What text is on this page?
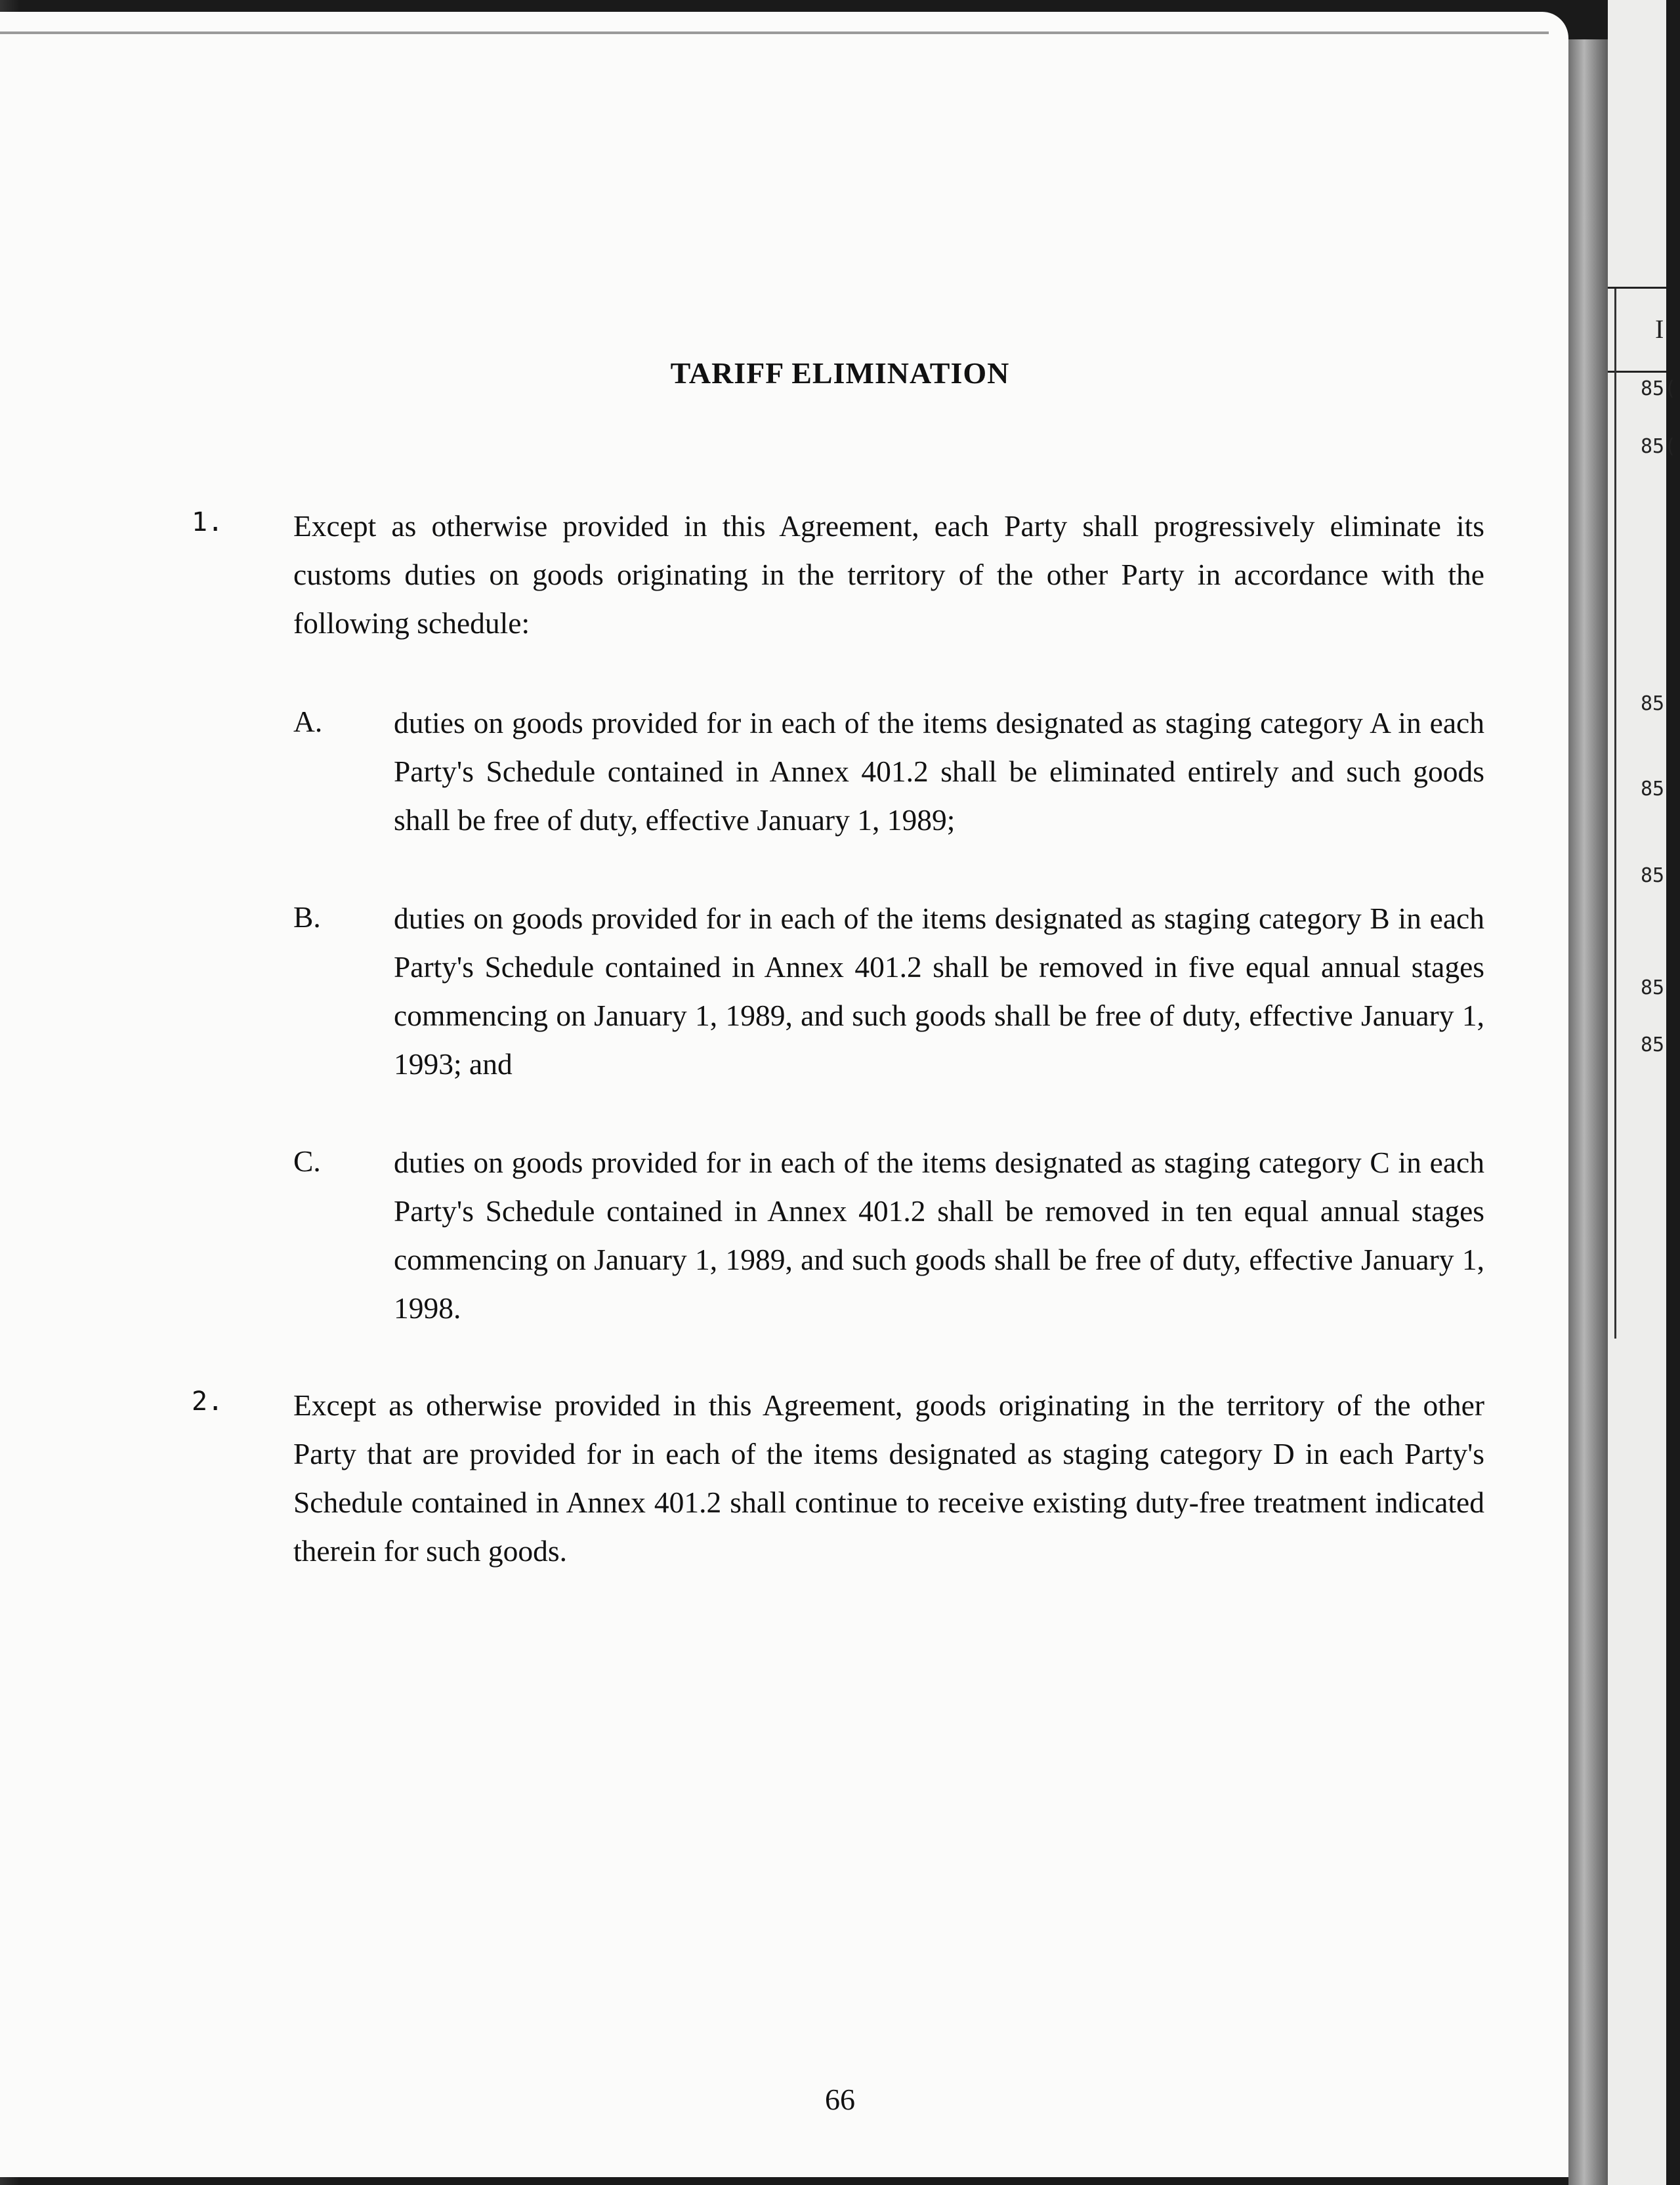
TARIFF ELIMINATION
1. Except as otherwise provided in this Agreement, each Party shall progressively eliminate its customs duties on goods originating in the territory of the other Party in accordance with the following schedule:
A. duties on goods provided for in each of the items designated as staging category A in each Party's Schedule contained in Annex 401.2 shall be eliminated entirely and such goods shall be free of duty, effective January 1, 1989;
B. duties on goods provided for in each of the items designated as staging category B in each Party's Schedule contained in Annex 401.2 shall be removed in five equal annual stages commencing on January 1, 1989, and such goods shall be free of duty, effective January 1, 1993; and
C. duties on goods provided for in each of the items designated as staging category C in each Party's Schedule contained in Annex 401.2 shall be removed in ten equal annual stages commencing on January 1, 1989, and such goods shall be free of duty, effective January 1, 1998.
2. Except as otherwise provided in this Agreement, goods originating in the territory of the other Party that are provided for in each of the items designated as staging category D in each Party's Schedule contained in Annex 401.2 shall continue to receive existing duty-free treatment indicated therein for such goods.
66
I
85(
85(
85
85
85
85
85
